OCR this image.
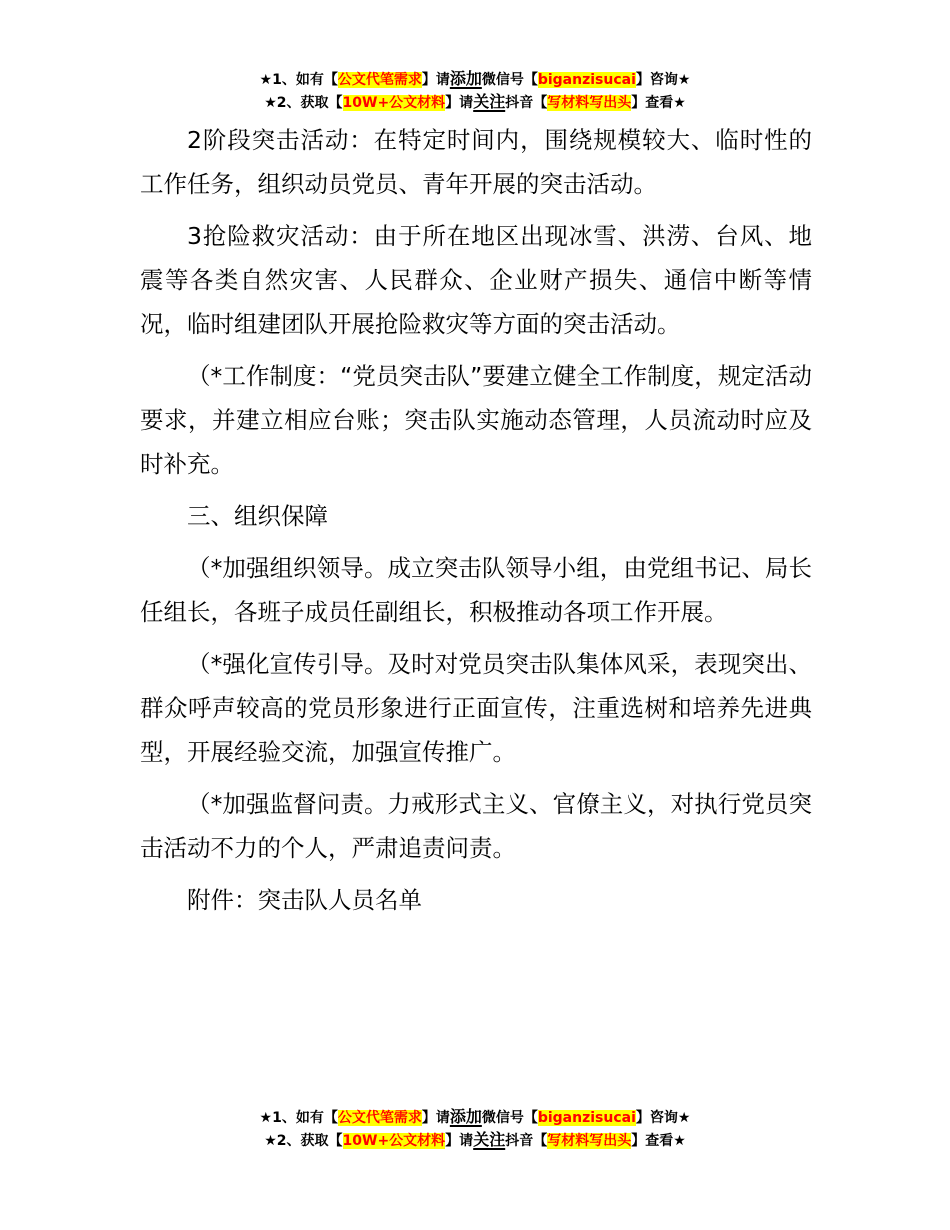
★1、如有【公文代笔需求】请添加微信号【biganzisucai】咨询★
★2、获取【10W+公文材料】请关注抖音【写材料写出头】查看★

2阶段突击活动：在特定时间内，围绕规模较大、临时性的工作任务，组织动员党员、青年开展的突击活动。

3抢险救灾活动：由于所在地区出现冰雪、洪涝、台风、地震等各类自然灾害、人民群众、企业财产损失、通信中断等情况，临时组建团队开展抢险救灾等方面的突击活动。

（*工作制度：“党员突击队”要建立健全工作制度，规定活动要求，并建立相应台账；突击队实施动态管理，人员流动时应及时补充。

三、组织保障

（*加强组织领导。成立突击队领导小组，由党组书记、局长任组长，各班子成员任副组长，积极推动各项工作开展。

（*强化宣传引导。及时对党员突击队集体风采，表现突出、群众呼声较高的党员形象进行正面宣传，注重选树和培养先进典型，开展经验交流，加强宣传推广。

（*加强监督问责。力戒形式主义、官僚主义，对执行党员突击活动不力的个人，严肃追责问责。

附件：突击队人员名单

★1、如有【公文代笔需求】请添加微信号【biganzisucai】咨询★
★2、获取【10W+公文材料】请关注抖音【写材料写出头】查看★
